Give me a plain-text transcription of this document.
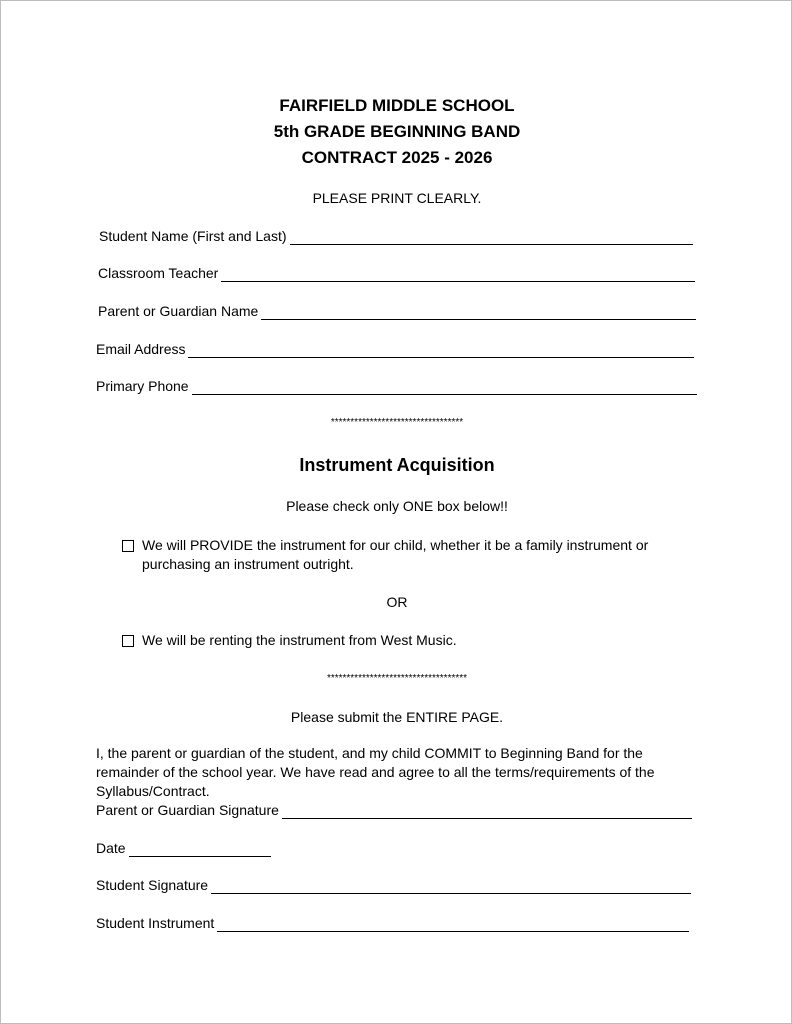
FAIRFIELD MIDDLE SCHOOL
5th GRADE BEGINNING BAND
CONTRACT 2025 - 2026
PLEASE PRINT CLEARLY.
Student Name (First and Last)
Classroom Teacher
Parent or Guardian Name
Email Address
Primary Phone
**********************************
Instrument Acquisition
Please check only ONE box below!!
We will PROVIDE the instrument for our child, whether it be a family instrument or purchasing an instrument outright.
OR
We will be renting the instrument from West Music.
************************************
Please submit the ENTIRE PAGE.
I, the parent or guardian of the student, and my child COMMIT to Beginning Band for the remainder of the school year. We have read and agree to all the terms/requirements of the Syllabus/Contract.
Parent or Guardian Signature
Date
Student Signature
Student Instrument
